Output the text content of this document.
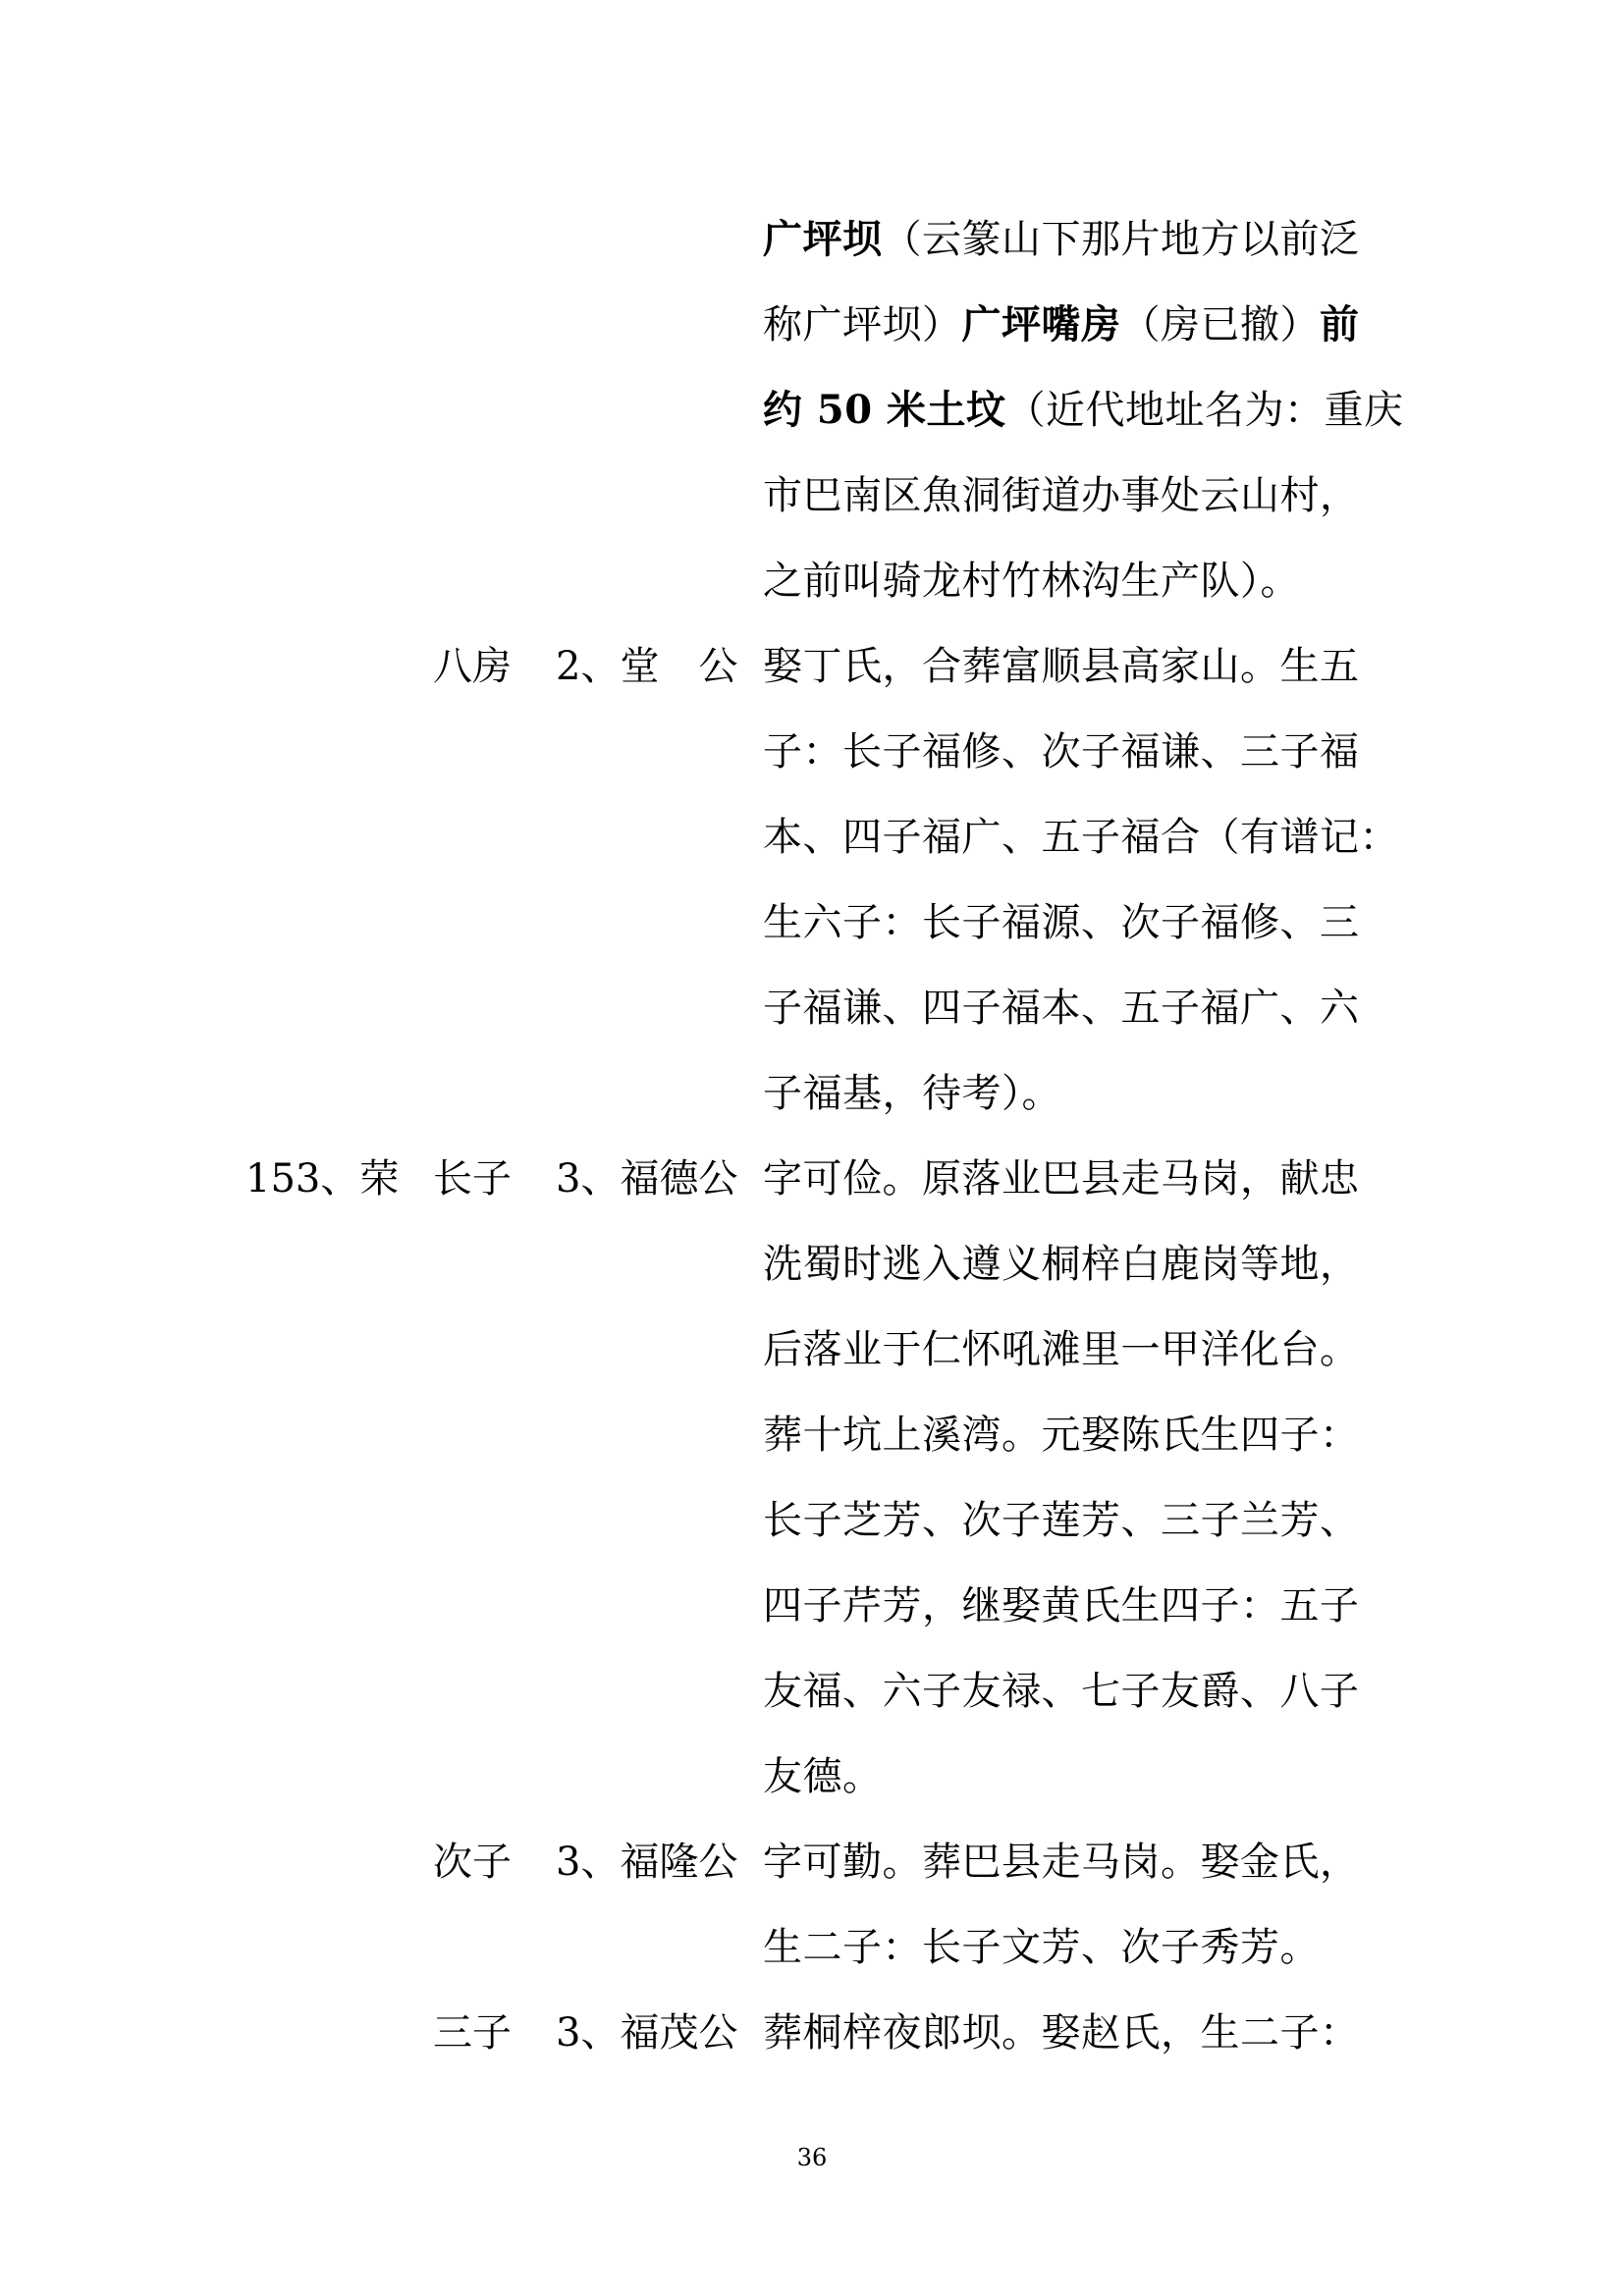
广坪坝（云篆山下那片地方以前泛
称广坪坝）广坪嘴房（房已撤）前
约 50 米土坟（近代地址名为：重庆
市巴南区魚洞街道办事处云山村，
之前叫骑龙村竹林沟生产队）。
八房 2、堂　公 娶丁氏，合葬富顺县高家山。生五
子：长子福修、次子福谦、三子福
本、四子福广、五子福合（有谱记：
生六子：长子福源、次子福修、三
子福谦、四子福本、五子福广、六
子福基，待考）。
153、荣 长子 3、福德公 字可俭。原落业巴县走马岗，献忠
洗蜀时逃入遵义桐梓白鹿岗等地，
后落业于仁怀吼滩里一甲洋化台。
葬十坑上溪湾。元娶陈氏生四子：
长子芝芳、次子莲芳、三子兰芳、
四子芹芳，继娶黄氏生四子：五子
友福、六子友禄、七子友爵、八子
友德。
次子 3、福隆公 字可勤。葬巴县走马岗。娶金氏，
生二子：长子文芳、次子秀芳。
三子 3、福茂公 葬桐梓夜郎坝。娶赵氏，生二子：
36
